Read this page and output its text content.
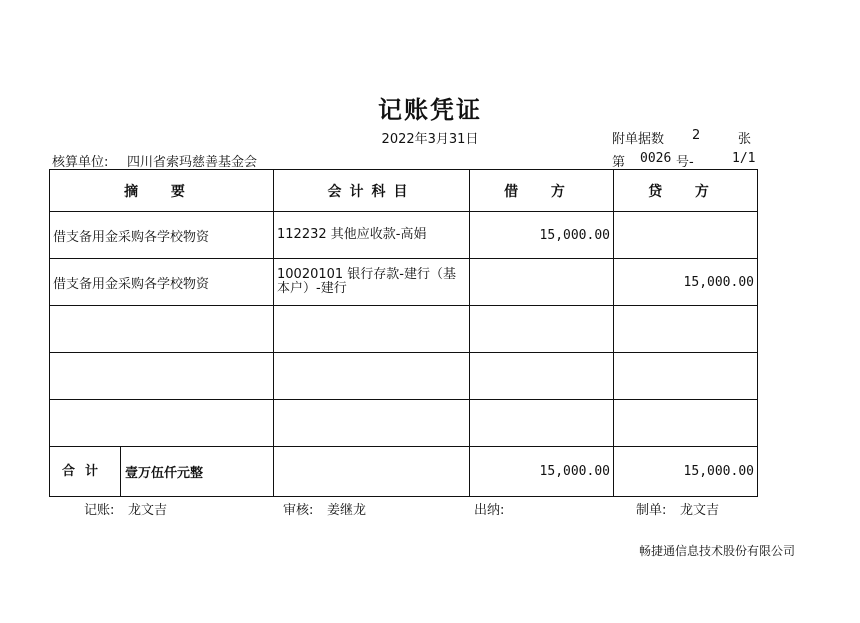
记账凭证
2022年3月31日	附单据数 2	张
核算单位: 四川省索玛慈善基金会	第 0026 号-	1/1
摘 要	会计科目	借 方	贷 方
借支备用金采购各学校物资	112232 其他应收款-高娟	15,000.00	
借支备用金采购各学校物资	10020101 银行存款-建行（基本户）-建行		15,000.00

合计 壹万伍仟元整		15,000.00	15,000.00
记账: 龙文吉	审核: 姜继龙	出纳:	制单: 龙文吉
畅捷通信息技术股份有限公司
